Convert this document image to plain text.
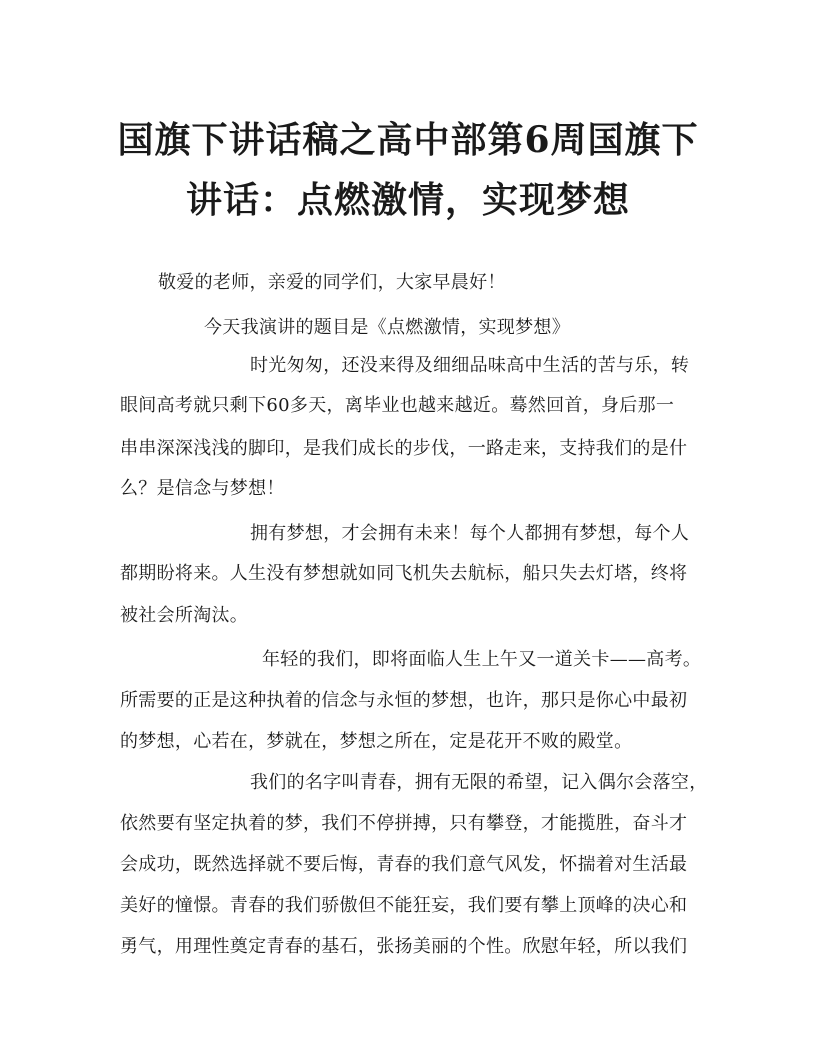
国旗下讲话稿之高中部第6周国旗下
讲话：点燃激情，实现梦想
敬爱的老师，亲爱的同学们，大家早晨好！
今天我演讲的题目是《点燃激情，实现梦想》
时光匆匆，还没来得及细细品味高中生活的苦与乐，转
眼间高考就只剩下60多天，离毕业也越来越近。蓦然回首，身后那一
串串深深浅浅的脚印，是我们成长的步伐，一路走来，支持我们的是什
么？是信念与梦想！
拥有梦想，才会拥有未来！每个人都拥有梦想，每个人
都期盼将来。人生没有梦想就如同飞机失去航标，船只失去灯塔，终将
被社会所淘汰。
年轻的我们，即将面临人生上午又一道关卡——高考。
所需要的正是这种执着的信念与永恒的梦想，也许，那只是你心中最初
的梦想，心若在，梦就在，梦想之所在，定是花开不败的殿堂。
我们的名字叫青春，拥有无限的希望，记入偶尔会落空，
依然要有坚定执着的梦，我们不停拼搏，只有攀登，才能揽胜，奋斗才
会成功，既然选择就不要后悔，青春的我们意气风发，怀揣着对生活最
美好的憧憬。青春的我们骄傲但不能狂妄，我们要有攀上顶峰的决心和
勇气，用理性奠定青春的基石，张扬美丽的个性。欣慰年轻，所以我们
